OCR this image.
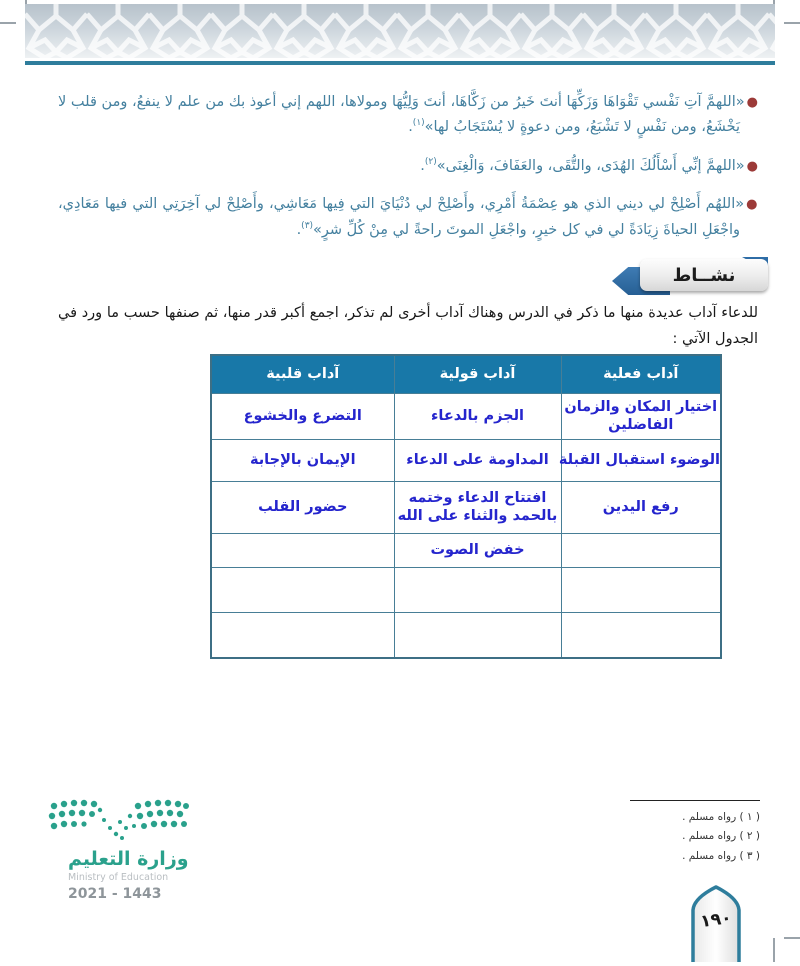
●«اللهمَّ آتِ نَفْسي تَقْوَاهَا وَزَكِّهَا أنتَ خَيرُ من زَكَّاهَا، أنتَ وَلِيُّهَا ومولاها، اللهم إني أعوذ بك من علم لا ينفعُ، ومن قلب لا يَخْشَعُ، ومن نَفْسٍ لا تَشْبَعُ، ومن دعوةٍ لا يُسْتَجَابُ لها»$^{(١)}$.

●«اللهمَّ إنِّي أَسْأَلُكَ الهُدَى، والتُّقَى، والعَفَافَ، وَالْغِنَى»$^{(٢)}$.

●«اللهُم أَصْلِحْ لي ديني الذي هو عِصْمَةُ أَمْرِي، وأَصْلِحْ لي دُنْيَايَ التي فِيها مَعَاشِي، وأَصْلِحْ لي آخِرَتِي التي فيها مَعَادِي، واجْعَلِ الحياةَ زِيَادَةً لي في كل خيرٍ، واجْعَلِ الموتَ راحةً لي مِنْ كُلِّ شرٍ»$^{(٣)}$.

نشــاط

للدعاء آداب عديدة منها ما ذكر في الدرس وهناك آداب أخرى لم تذكر، اجمع أكبر قدر منها، ثم صنفها حسب ما ورد في الجدول الآتي :

آداب فعلية	آداب قولية	آداب قلبية
اختيار المكان والزمان الفاضلين	الجزم بالدعاء	التضرع والخشوع
الوضوء استقبال القبلة	المداومة على الدعاء	الإيمان بالإجابة
رفع اليدين	افتتاح الدعاء وختمه بالحمد والثناء على الله	حضور القلب
	خفض الصوت	

( ١ ) رواه مسلم .
( ٢ ) رواه مسلم .
( ٣ ) رواه مسلم .
وزارة التعليم
Ministry of Education
2021 - 1443
١٩٠
